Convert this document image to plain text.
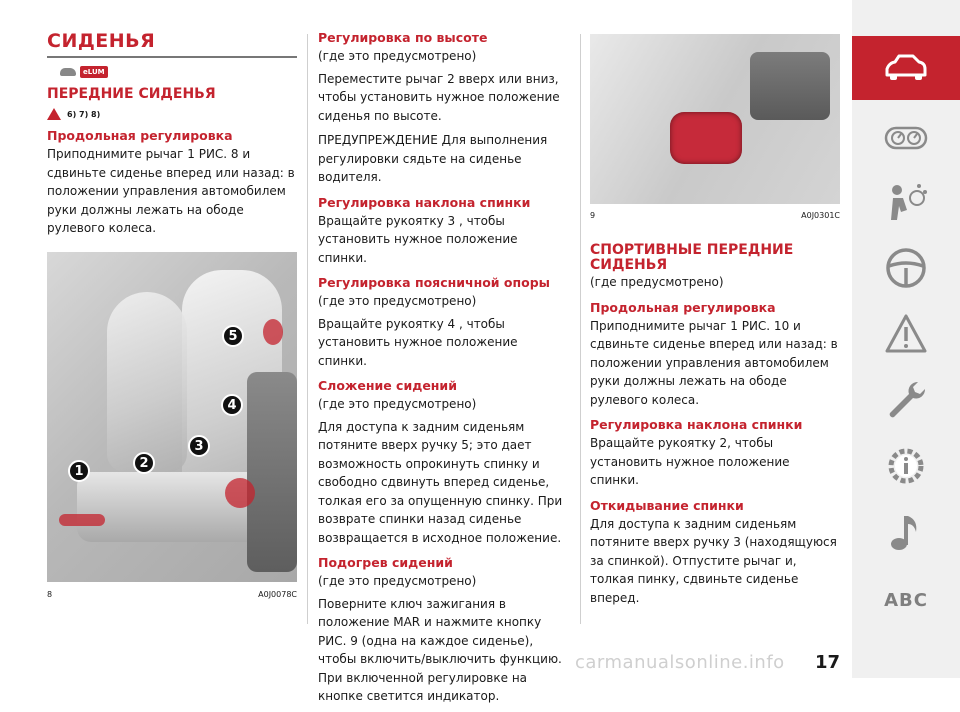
СИДЕНЬЯ
eLUM
ПЕРЕДНИЕ СИДЕНЬЯ
6) 7) 8)
Продольная регулировка

Приподнимите рычаг 1 РИС. 8 и сдвиньте сиденье вперед или назад: в положении управления автомобилем руки должны лежать на ободе рулевого колеса.

5
4
3
2
1
8	A0J0078C
Регулировка по высоте

(где это предусмотрено)

Переместите рычаг 2 вверх или вниз, чтобы установить нужное положение сиденья по высоте.

ПРЕДУПРЕЖДЕНИЕ Для выполнения регулировки сядьте на сиденье водителя.

Регулировка наклона спинки

Вращайте рукоятку 3 , чтобы установить нужное положение спинки.

Регулировка поясничной опоры

(где это предусмотрено)

Вращайте рукоятку 4 , чтобы установить нужное положение спинки.

Сложение сидений

(где это предусмотрено)

Для доступа к задним сиденьям потяните вверх ручку 5; это дает возможность опрокинуть спинку и свободно сдвинуть вперед сиденье, толкая его за опущенную спинку. При возврате спинки назад сиденье возвращается в исходное положение.

Подогрев сидений

(где это предусмотрено)

Поверните ключ зажигания в положение MAR и нажмите кнопку РИС. 9 (одна на каждое сиденье), чтобы включить/выключить функцию. При включенной регулировке на кнопке светится индикатор.

9	A0J0301C
СПОРТИВНЫЕ ПЕРЕДНИЕ СИДЕНЬЯ

(где предусмотрено)

Продольная регулировка

Приподнимите рычаг 1 РИС. 10 и сдвиньте сиденье вперед или назад: в положении управления автомобилем руки должны лежать на ободе рулевого колеса.

Регулировка наклона спинки

Вращайте рукоятку 2, чтобы установить нужное положение спинки.

Откидывание спинки

Для доступа к задним сиденьям потяните вверх ручку 3 (находящуюся за спинкой). Отпустите рычаг и, толкая пинку, сдвиньте сиденье вперед.	ABC
carmanualsonline.info 17
